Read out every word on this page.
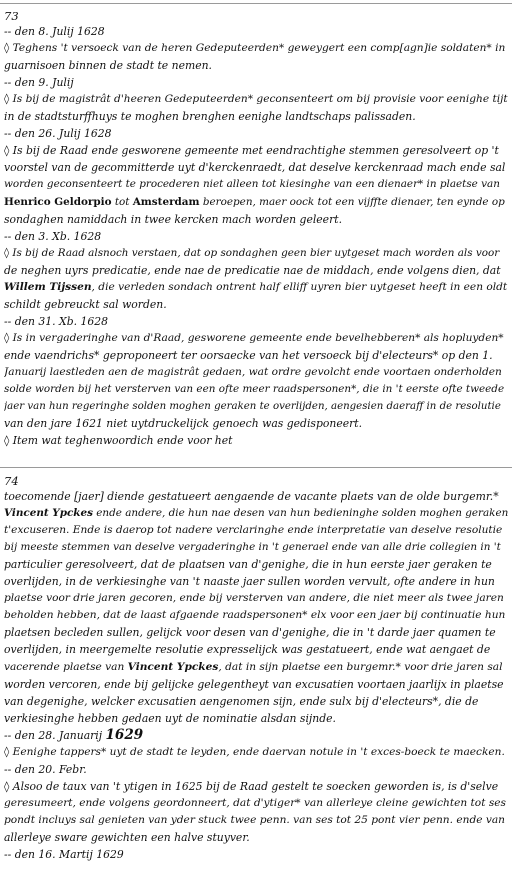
73
-- den 8. Julij 1628
◊ Teghens 't versoeck van de heren Gedeputeerden* geweygert een comp[agn]ie soldaten* in
guarnisoen binnen de stadt te nemen.
-- den 9. Julij
◊ Is bij de magistrât d'heeren Gedeputeerden* geconsenteert om bij provisie voor eenighe tijt
in de stadtsturffhuys te moghen brenghen eenighe landtschaps palissaden.
-- den 26. Julij 1628
◊ Is bij de Raad ende gesworene gemeente met eendrachtighe stemmen geresolveert op 't
voorstel van de gecommitterde uyt d'kerckenraedt, dat deselve kerckenraad mach ende sal
worden geconsenteert te procederen niet alleen tot kiesinghe van een dienaer* in plaetse van
Henrico Geldorpio tot Amsterdam beroepen, maer oock tot een vijffte dienaer, ten eynde op
sondaghen namiddach in twee kercken mach worden geleert.
-- den 3. Xb. 1628
◊ Is bij de Raad alsnoch verstaen, dat op sondaghen geen bier uytgeset mach worden als voor
de neghen uyrs predicatie, ende nae de predicatie nae de middach, ende volgens dien, dat
Willem Tijssen, die verleden sondach ontrent half elliff uyren bier uytgeset heeft in een oldt
schildt gebreuckt sal worden.
-- den 31. Xb. 1628
◊ Is in vergaderinghe van d'Raad, gesworene gemeente ende bevelhebberen* als hopluyden*
ende vaendrichs* geproponeert ter oorsaecke van het versoeck bij d'electeurs* op den 1.
Januarij laestleden aen de magistrât gedaen, wat ordre gevolcht ende voortaen onderholden
solde worden bij het versterven van een ofte meer raadspersonen*, die in 't eerste ofte tweede
jaer van hun regeringhe solden moghen geraken te overlijden, aengesien daeraff in de resolutie
van den jare 1621 niet uytdruckelijck genoech was gedisponeert.
◊ Item wat teghenwoordich ende voor het
74
toecomende [jaer] diende gestatueert aengaende de vacante plaets van de olde burgemr.*
Vincent Ypckes ende andere, die hun nae desen van hun bedieninghe solden moghen geraken
t'excuseren. Ende is daerop tot nadere verclaringhe ende interpretatie van deselve resolutie
bij meeste stemmen van deselve vergaderinghe in 't generael ende van alle drie collegien in 't
particulier geresolveert, dat de plaatsen van d'genighe, die in hun eerste jaer geraken te
overlijden, in de verkiesinghe van 't naaste jaer sullen worden vervult, ofte andere in hun
plaetse voor drie jaren gecoren, ende bij versterven van andere, die niet meer als twee jaren
beholden hebben, dat de laast afgaende raadspersonen* elx voor een jaer bij continuatie hun
plaetsen becleden sullen, gelijck voor desen van d'genighe, die in 't darde jaer quamen te
overlijden, in meergemelte resolutie expresselijck was gestatueert, ende wat aengaet de
vacerende plaetse van Vincent Ypckes, dat in sijn plaetse een burgemr.* voor drie jaren sal
worden vercoren, ende bij gelijcke gelegentheyt van excusatien voortaen jaarlijx in plaetse
van degenighe, welcker excusatien aengenomen sijn, ende sulx bij d'electeurs*, die de
verkiesinghe hebben gedaen uyt de nominatie alsdan sijnde.
-- den 28. Januarij 1629
◊ Eenighe tappers* uyt de stadt te leyden, ende daervan notule in 't exces-boeck te maecken.
-- den 20. Febr.
◊ Alsoo de taux van 't ytigen in 1625 bij de Raad gestelt te soecken geworden is, is d'selve
geresumeert, ende volgens geordonneert, dat d'ytiger* van allerleye cleine gewichten tot ses
pondt incluys sal genieten van yder stuck twee penn. van ses tot 25 pont vier penn. ende van
allerleye sware gewichten een halve stuyver.
-- den 16. Martij 1629
